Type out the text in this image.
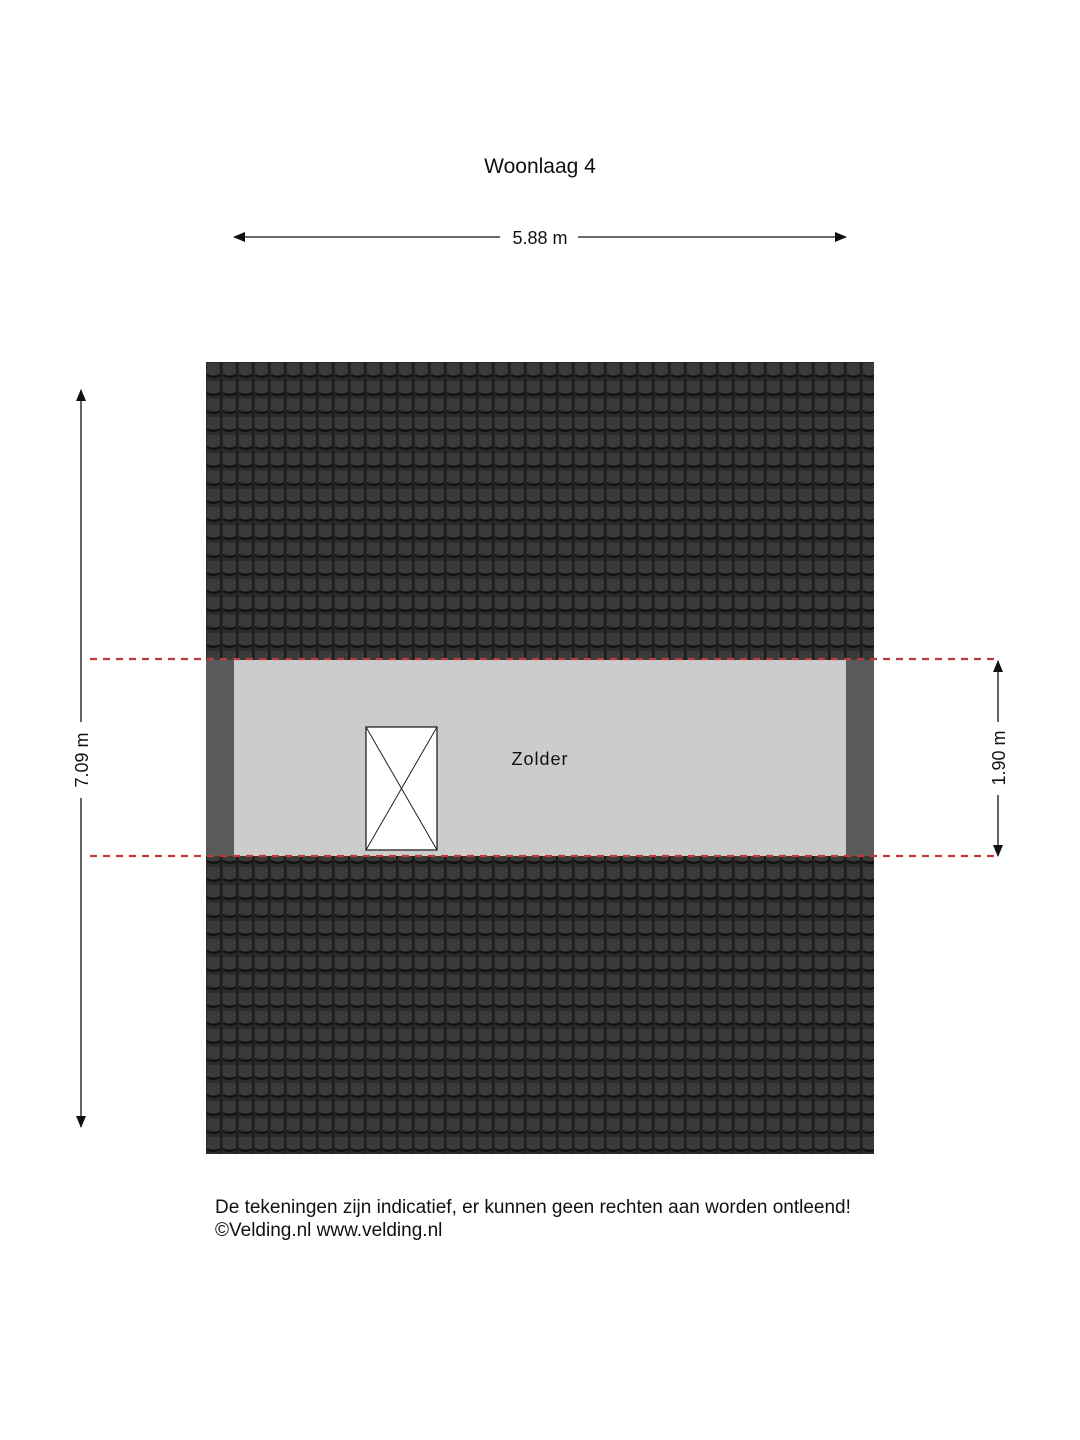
Woonlaag 4
5.88 m
Zolder
7.09 m	1.90 m
De tekeningen zijn indicatief, er kunnen geen rechten aan worden ontleend!
©Velding.nl www.velding.nl
